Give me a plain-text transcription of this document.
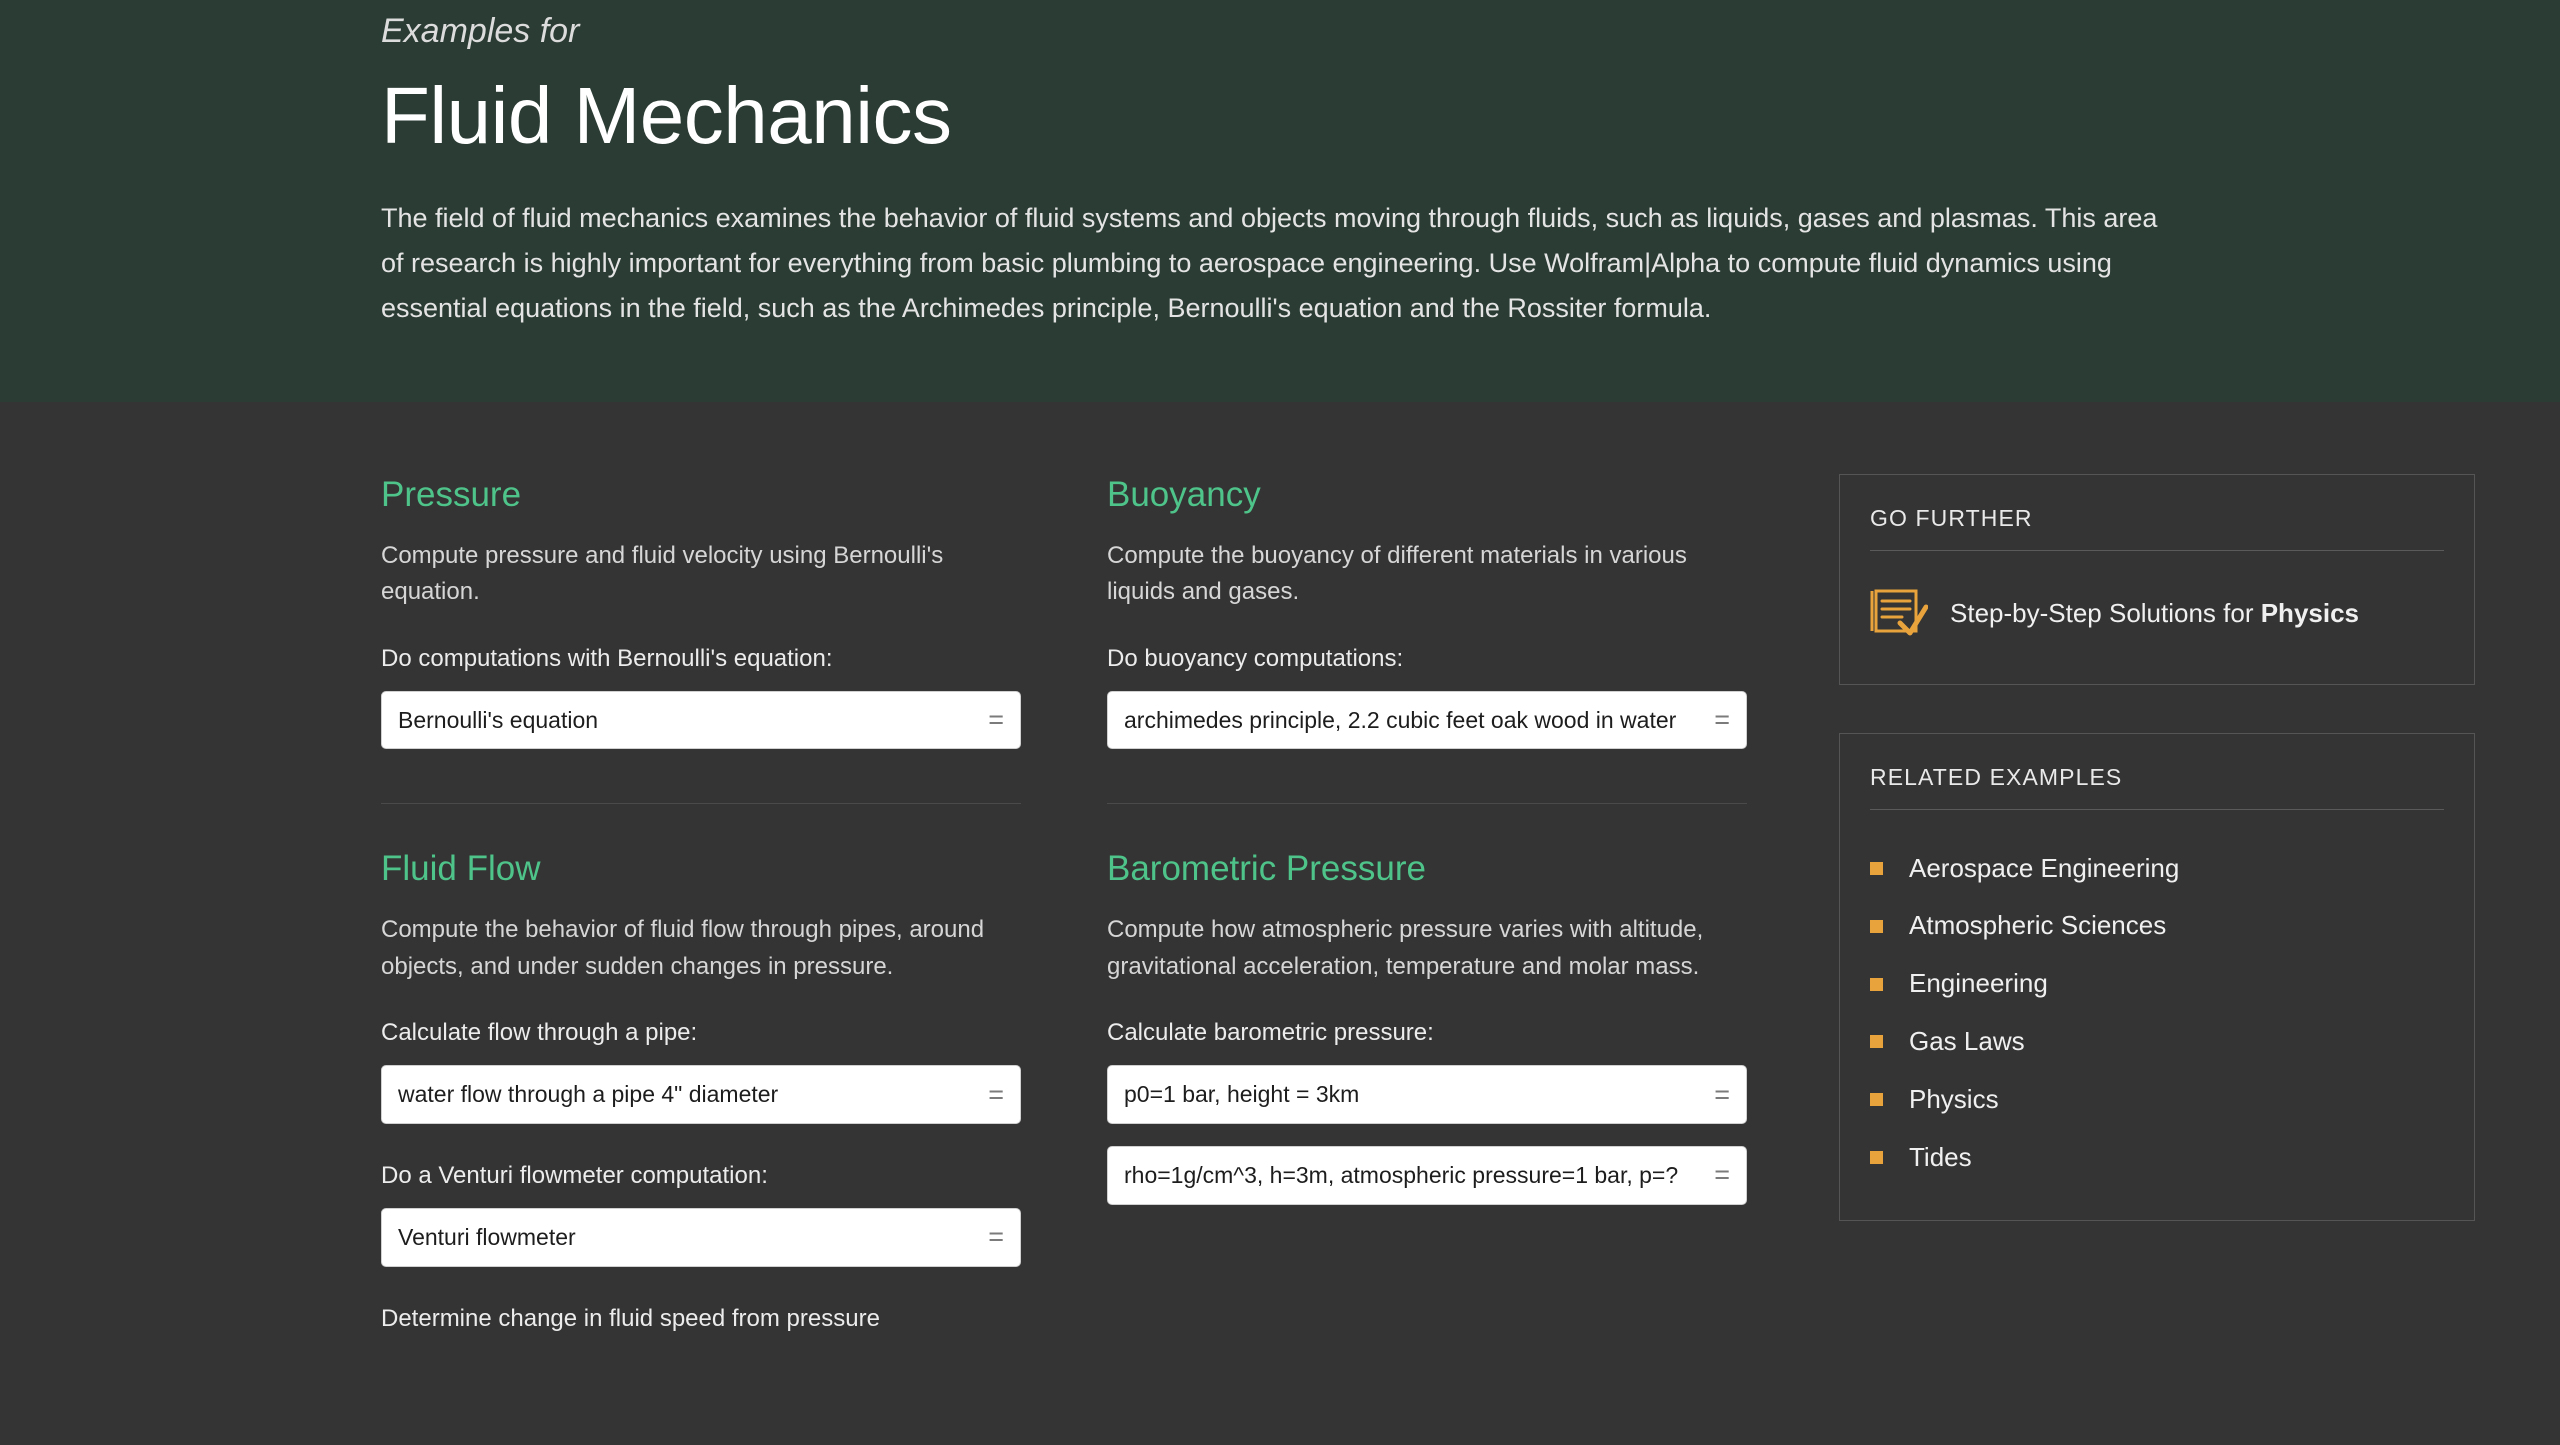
Examples for
Fluid Mechanics

The field of fluid mechanics examines the behavior of fluid systems and objects moving through fluids, such as liquids, gases and plasmas. This area of research is highly important for everything from basic plumbing to aerospace engineering. Use Wolfram|Alpha to compute fluid dynamics using essential equations in the field, such as the Archimedes principle, Bernoulli's equation and the Rossiter formula.

Pressure

Compute pressure and fluid velocity using Bernoulli's equation.

Do computations with Bernoulli's equation:
Bernoulli's equation	=
Fluid Flow

Compute the behavior of fluid flow through pipes, around objects, and under sudden changes in pressure.

Calculate flow through a pipe:
water flow through a pipe 4" diameter	=
Do a Venturi flowmeter computation:
Venturi flowmeter	=
Determine change in fluid speed from pressure
Buoyancy

Compute the buoyancy of different materials in various liquids and gases.

Do buoyancy computations:
archimedes principle, 2.2 cubic feet oak wood in water =
Barometric Pressure

Compute how atmospheric pressure varies with altitude, gravitational acceleration, temperature and molar mass.

Calculate barometric pressure:
p0=1 bar, height = 3km	=
rho=1g/cm^3, h=3m, atmospheric pressure=1 bar, p=? =
GO FURTHER
Step-by-Step Solutions for Physics
RELATED EXAMPLES
Aerospace Engineering
Atmospheric Sciences
Engineering
Gas Laws
Physics
Tides
